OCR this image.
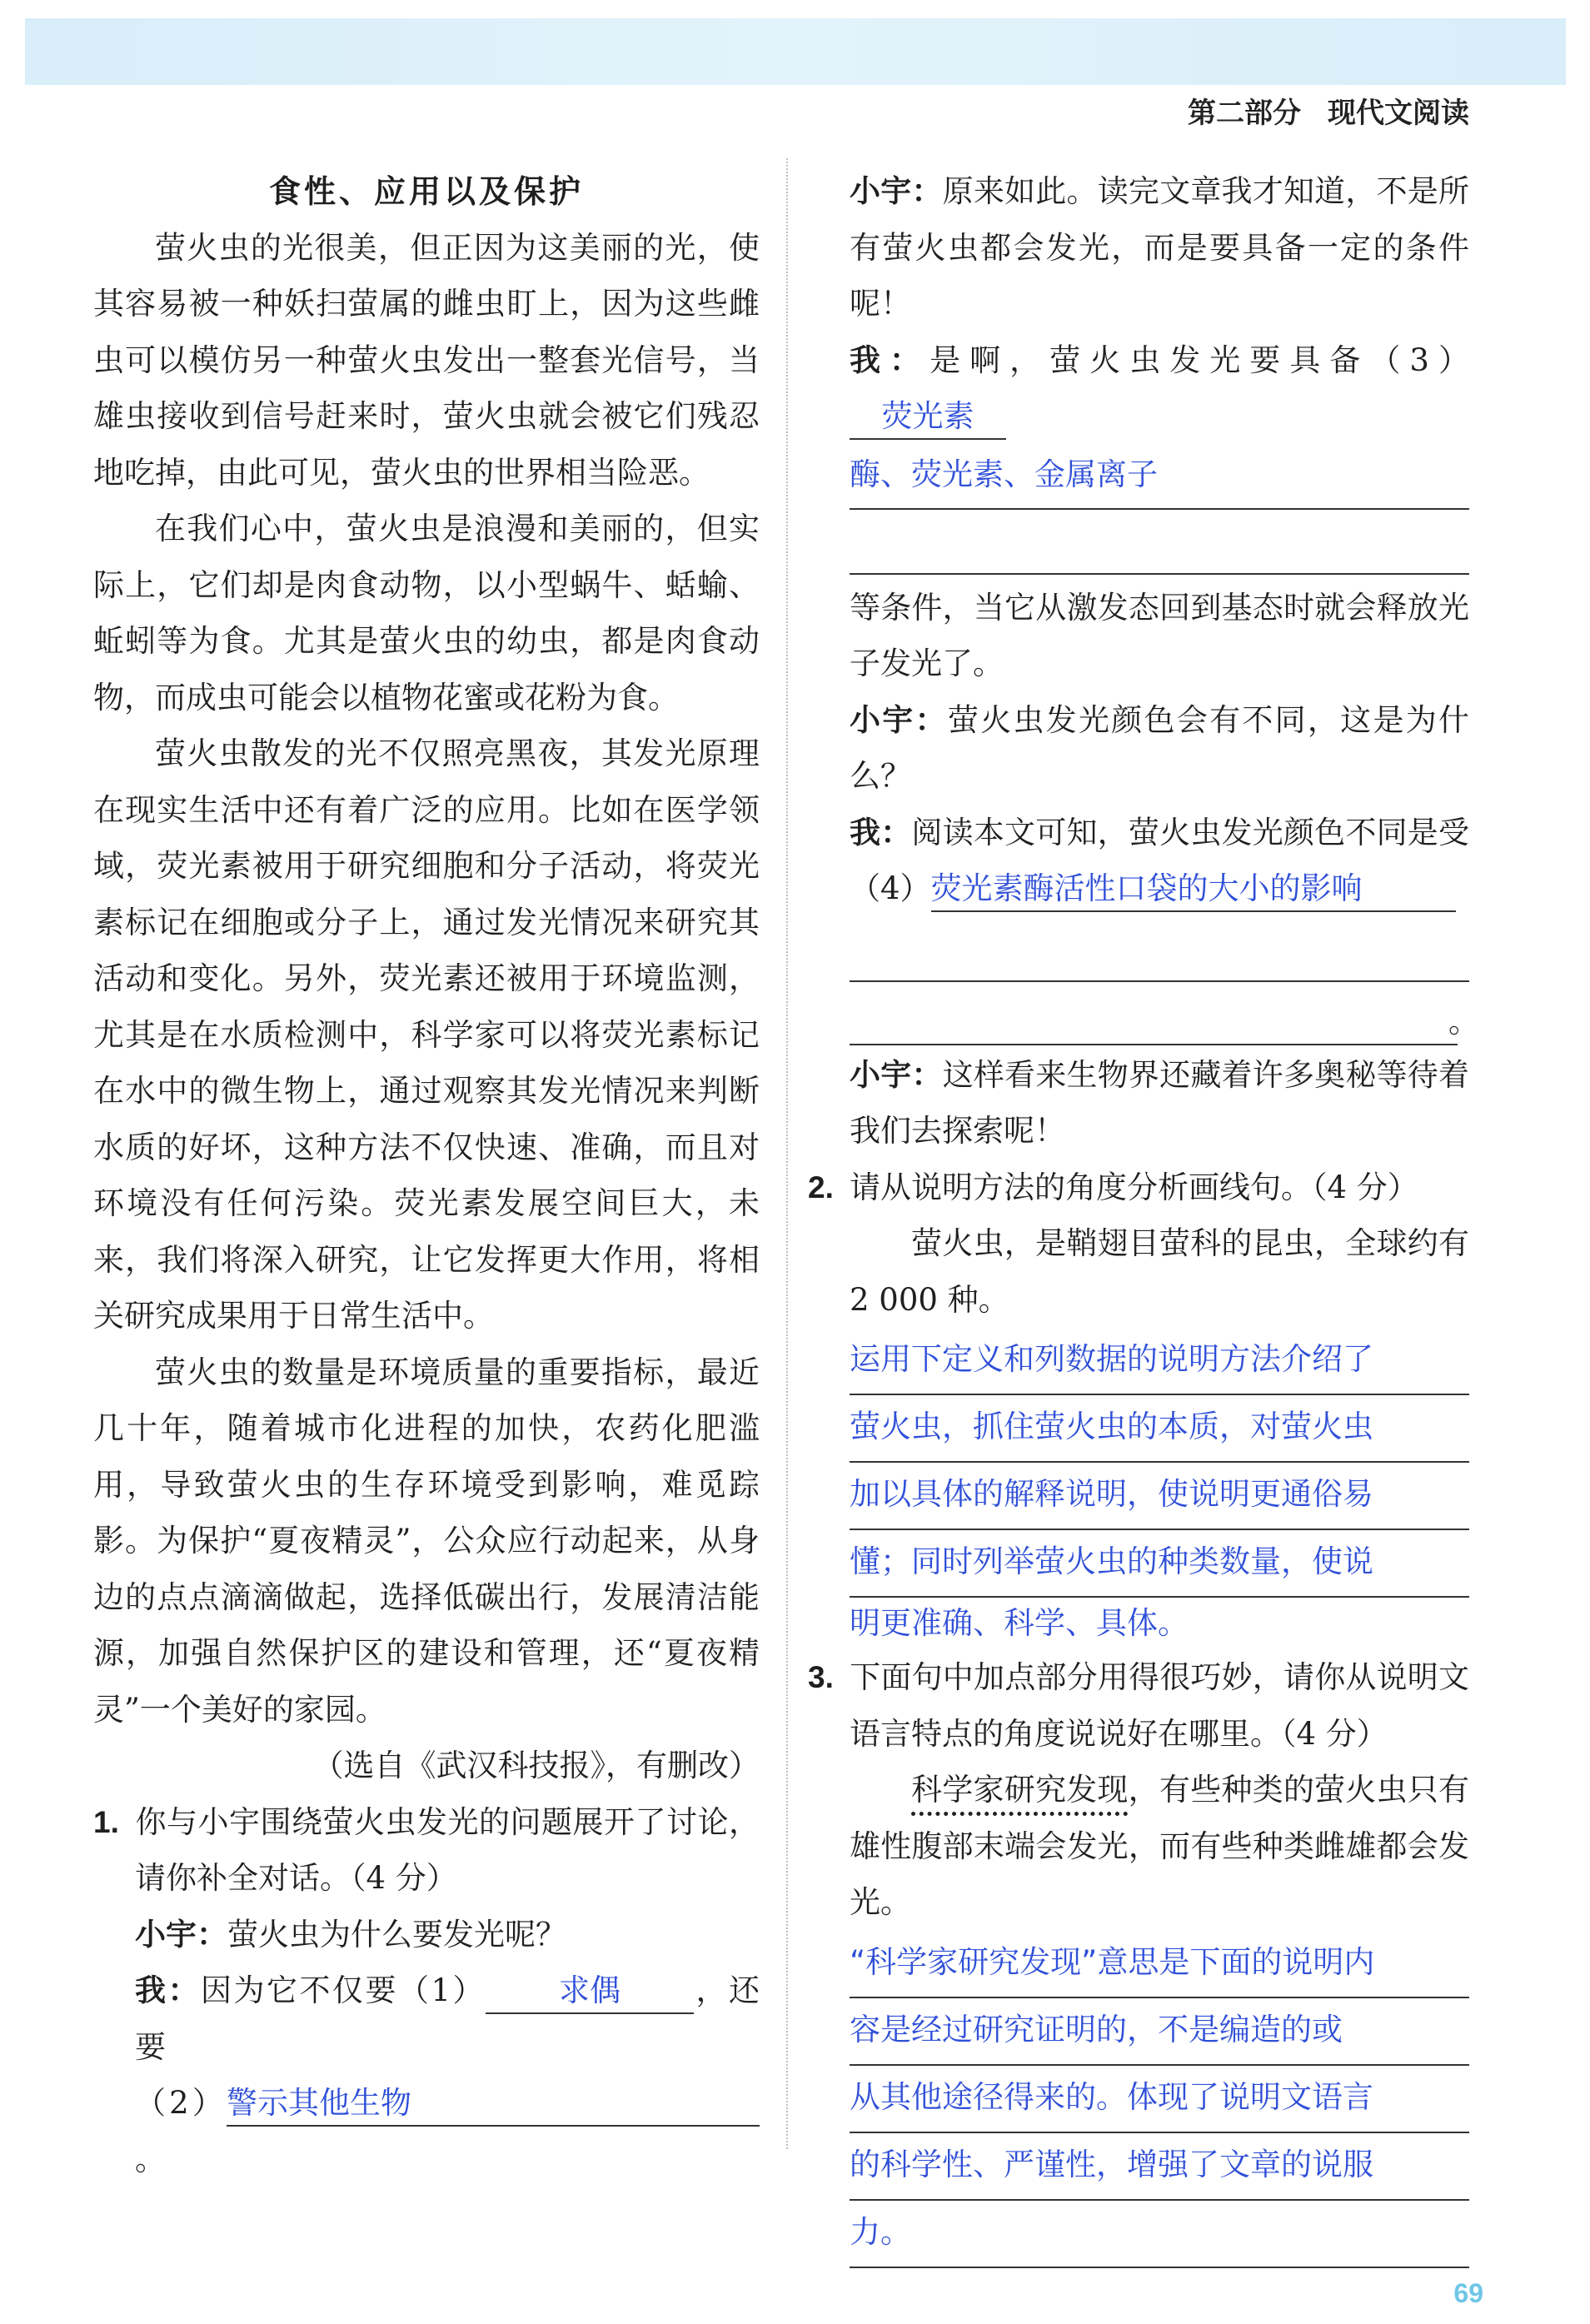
第二部分 现代文阅读

食性、应用以及保护

萤火虫的光很美，但正因为这美丽的光，使其容易被一种妖扫萤属的雌虫盯上，因为这些雌虫可以模仿另一种萤火虫发出一整套光信号，当雄虫接收到信号赶来时，萤火虫就会被它们残忍地吃掉，由此可见，萤火虫的世界相当险恶。

在我们心中，萤火虫是浪漫和美丽的，但实际上，它们却是肉食动物，以小型蜗牛、蛞蝓、蚯蚓等为食。尤其是萤火虫的幼虫，都是肉食动物，而成虫可能会以植物花蜜或花粉为食。

萤火虫散发的光不仅照亮黑夜，其发光原理在现实生活中还有着广泛的应用。比如在医学领域，荧光素被用于研究细胞和分子活动，将荧光素标记在细胞或分子上，通过发光情况来研究其活动和变化。另外，荧光素还被用于环境监测，尤其是在水质检测中，科学家可以将荧光素标记在水中的微生物上，通过观察其发光情况来判断水质的好坏，这种方法不仅快速、准确，而且对环境没有任何污染。荧光素发展空间巨大，未来，我们将深入研究，让它发挥更大作用，将相关研究成果用于日常生活中。

萤火虫的数量是环境质量的重要指标，最近几十年，随着城市化进程的加快，农药化肥滥用，导致萤火虫的生存环境受到影响，难觅踪影。为保护“夏夜精灵”，公众应行动起来，从身边的点点滴滴做起，选择低碳出行，发展清洁能源，加强自然保护区的建设和管理，还“夏夜精灵”一个美好的家园。

（选自《武汉科技报》，有删改）

1. 你与小宇围绕萤火虫发光的问题展开了讨论，请你补全对话。（4 分）

小宇：萤火虫为什么要发光呢？

我：因为它不仅要（1） 求偶 ，还要

（2）警示其他生物。

小宇：原来如此。读完文章我才知道，不是所有萤火虫都会发光，而是要具备一定的条件呢！

我：是啊，萤火虫发光要具备（3）荧光素

酶、荧光素、金属离子

等条件，当它从激发态回到基态时就会释放光子发光了。

小宇：萤火虫发光颜色会有不同，这是为什么？

我：阅读本文可知，萤火虫发光颜色不同是受（4）荧光素酶活性口袋的大小的影响

。

小宇：这样看来生物界还藏着许多奥秘等待着我们去探索呢！

2. 请从说明方法的角度分析画线句。（4 分）

萤火虫，是鞘翅目萤科的昆虫，全球约有 2 000 种。

运用下定义和列数据的说明方法介绍了
萤火虫，抓住萤火虫的本质，对萤火虫
加以具体的解释说明，使说明更通俗易
懂；同时列举萤火虫的种类数量，使说
明更准确、科学、具体。

3. 下面句中加点部分用得很巧妙，请你从说明文语言特点的角度说说好在哪里。（4 分）

科学家研究发现，有些种类的萤火虫只有雄性腹部末端会发光，而有些种类雌雄都会发光。

“科学家研究发现”意思是下面的说明内
容是经过研究证明的，不是编造的或
从其他途径得来的。体现了说明文语言
的科学性、严谨性，增强了文章的说服
力。
69
